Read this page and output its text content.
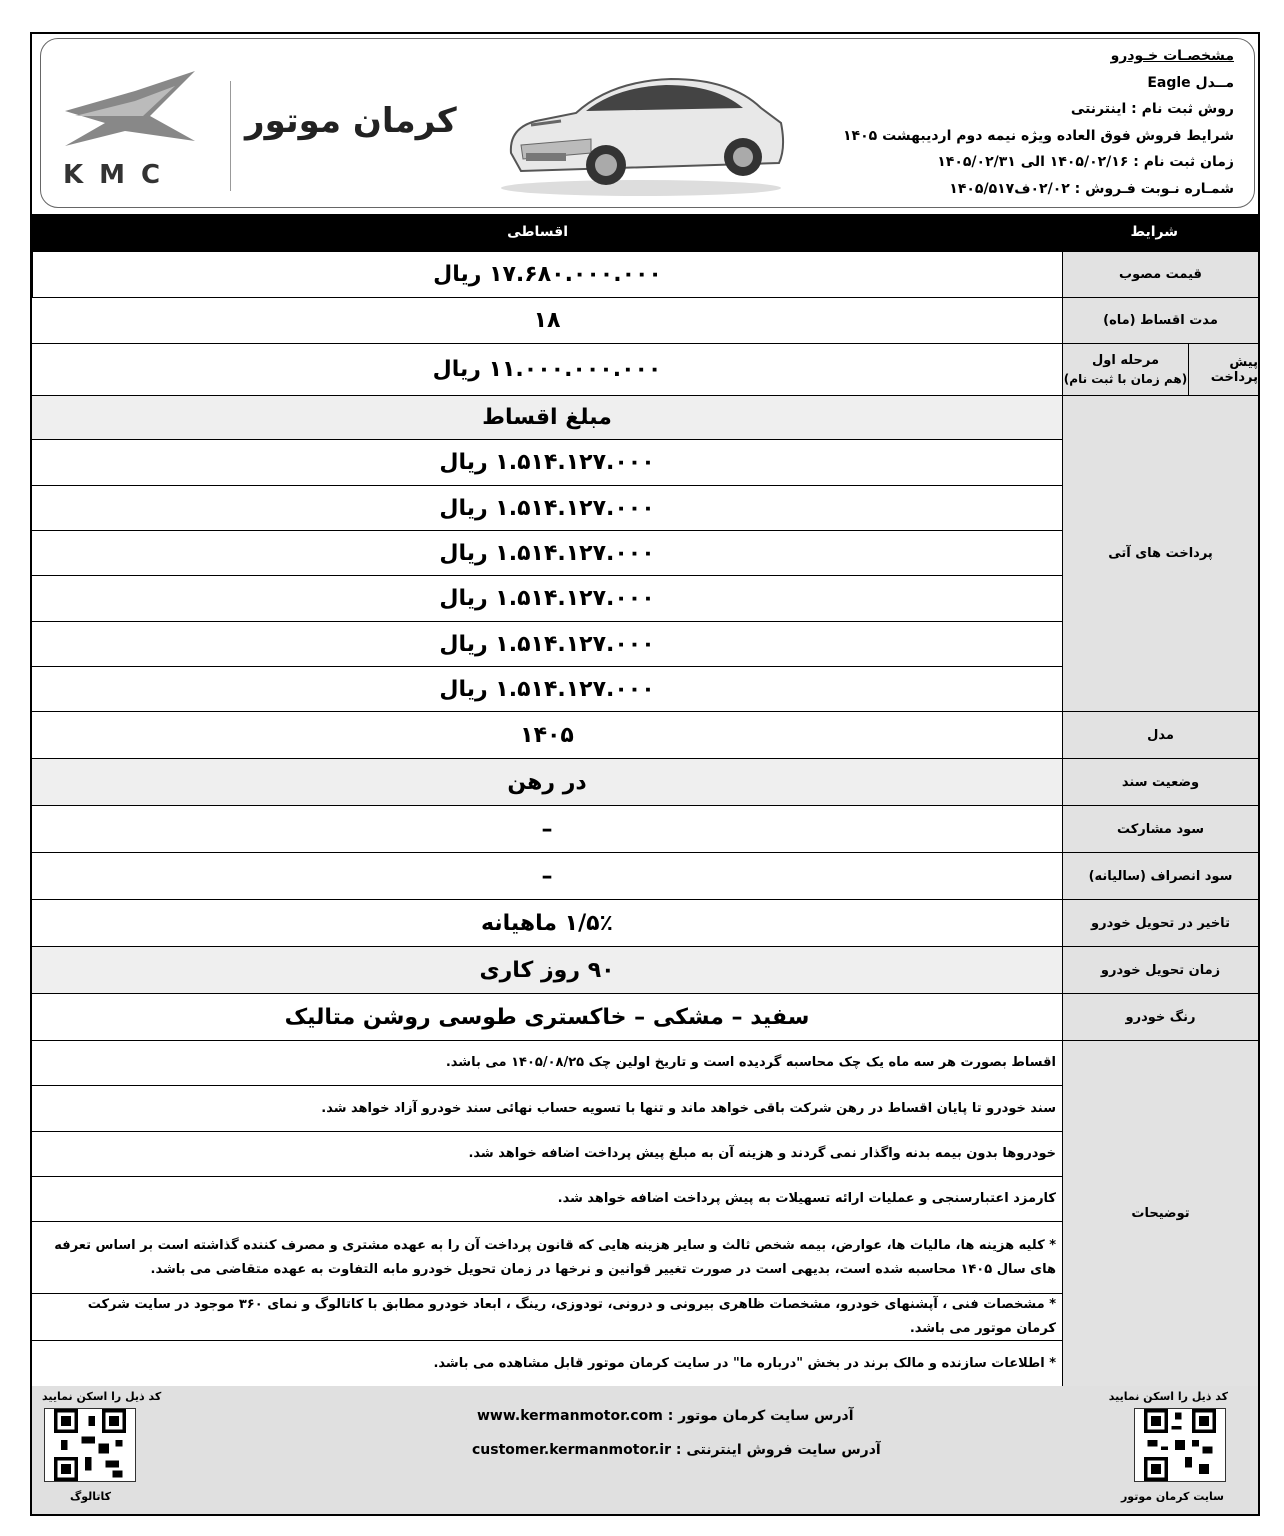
مشخصـات خـودرو
مــدل Eagle
روش ثبت نام : اینترنتی
شرایط فروش فوق العاده ویژه نیمه دوم اردیبهشت ۱۴۰۵
زمان ثبت نام : ۱۴۰۵/۰۲/۱۶ الی ۱۴۰۵/۰۲/۳۱
شمـاره نـوبت فـروش : ۰۲/۰۲ف۱۴۰۵/۵۱۷
KMC
کرمان موتور
شرایط
اقساطی
قیمت مصوب
۱۷.۶۸۰.۰۰۰.۰۰۰ ریال
مدت اقساط (ماه)
۱۸
پیش پرداخت
مرحله اول
(هم زمان با ثبت نام)
۱۱.۰۰۰.۰۰۰.۰۰۰ ریال
پرداخت های آتی
مبلغ اقساط
۱.۵۱۴.۱۲۷.۰۰۰ ریال
۱.۵۱۴.۱۲۷.۰۰۰ ریال
۱.۵۱۴.۱۲۷.۰۰۰ ریال
۱.۵۱۴.۱۲۷.۰۰۰ ریال
۱.۵۱۴.۱۲۷.۰۰۰ ریال
۱.۵۱۴.۱۲۷.۰۰۰ ریال
مدل
۱۴۰۵
وضعیت سند
در رهن
سود مشارکت
–
سود انصراف (سالیانه)
–
تاخیر در تحویل خودرو
۱/۵٪ ماهیانه
زمان تحویل خودرو
۹۰ روز کاری
رنگ خودرو
سفید – مشکی – خاکستری طوسی روشن متالیک
توضیحات
اقساط بصورت هر سه ماه یک چک محاسبه گردیده است و تاریخ اولین چک ۱۴۰۵/۰۸/۲۵ می باشد.
سند خودرو تا پایان اقساط در رهن شرکت باقی خواهد ماند و تنها با تسویه حساب نهائی سند خودرو آزاد خواهد شد.
خودروها بدون بیمه بدنه واگذار نمی گردند و هزینه آن به مبلغ پیش پرداخت اضافه خواهد شد.
کارمزد اعتبارسنجی و عملیات ارائه تسهیلات به پیش پرداخت اضافه خواهد شد.
* کلیه هزینه ها، مالیات ها، عوارض، بیمه شخص ثالث و سایر هزینه هایی که قانون پرداخت آن را به عهده مشتری و مصرف کننده گذاشته است بر اساس تعرفه های سال ۱۴۰۵ محاسبه شده است، بدیهی است در صورت تغییر قوانین و نرخها در زمان تحویل خودرو مابه التفاوت به عهده متقاضی می باشد.
* مشخصات فنی ، آپشنهای خودرو، مشخصات ظاهری بیرونی و درونی، تودوزی، رینگ ، ابعاد خودرو مطابق با کاتالوگ و نمای ۳۶۰ موجود در سایت شرکت کرمان موتور می باشد.
* اطلاعات سازنده و مالک برند در بخش "درباره ما" در سایت کرمان موتور قابل مشاهده می باشد.
کد ذیل را اسکن نمایید
سایت کرمان موتور
کد ذیل را اسکن نمایید
کاتالوگ
آدرس سایت کرمان موتور : www.kermanmotor.com
آدرس سایت فروش اینترنتی : customer.kermanmotor.ir
